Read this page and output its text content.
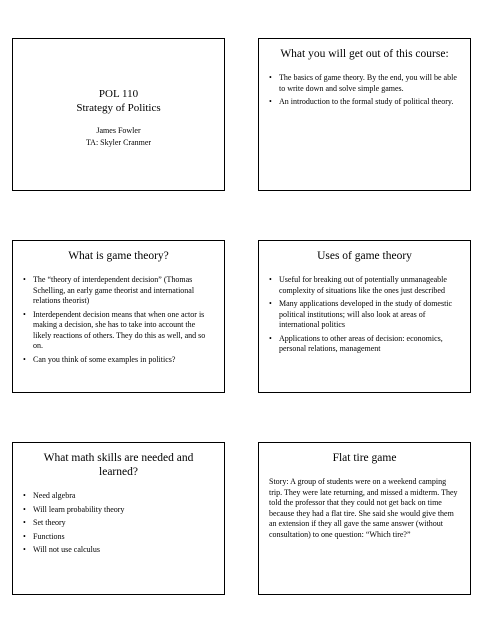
POL 110
Strategy of Politics
James Fowler
TA: Skyler Cranmer
What you will get out of this course:
• The basics of game theory. By the end, you will be able to write down and solve simple games.
• An introduction to the formal study of political theory.
What is game theory?
• The “theory of interdependent decision” (Thomas Schelling, an early game theorist and international relations theorist)
• Interdependent decision means that when one actor is making a decision, she has to take into account the likely reactions of others. They do this as well, and so on.
• Can you think of some examples in politics?
Uses of game theory
• Useful for breaking out of potentially unmanageable complexity of situations like the ones just described
• Many applications developed in the study of domestic political institutions; will also look at areas of international politics
• Applications to other areas of decision: economics, personal relations, management
What math skills are needed and learned?
• Need algebra
• Will learn probability theory
• Set theory
• Functions
• Will not use calculus
Flat tire game

Story: A group of students were on a weekend camping trip. They were late returning, and missed a midterm. They told the professor that they could not get back on time because they had a flat tire. She said she would give them an extension if they all gave the same answer (without consultation) to one question: “Which tire?”
